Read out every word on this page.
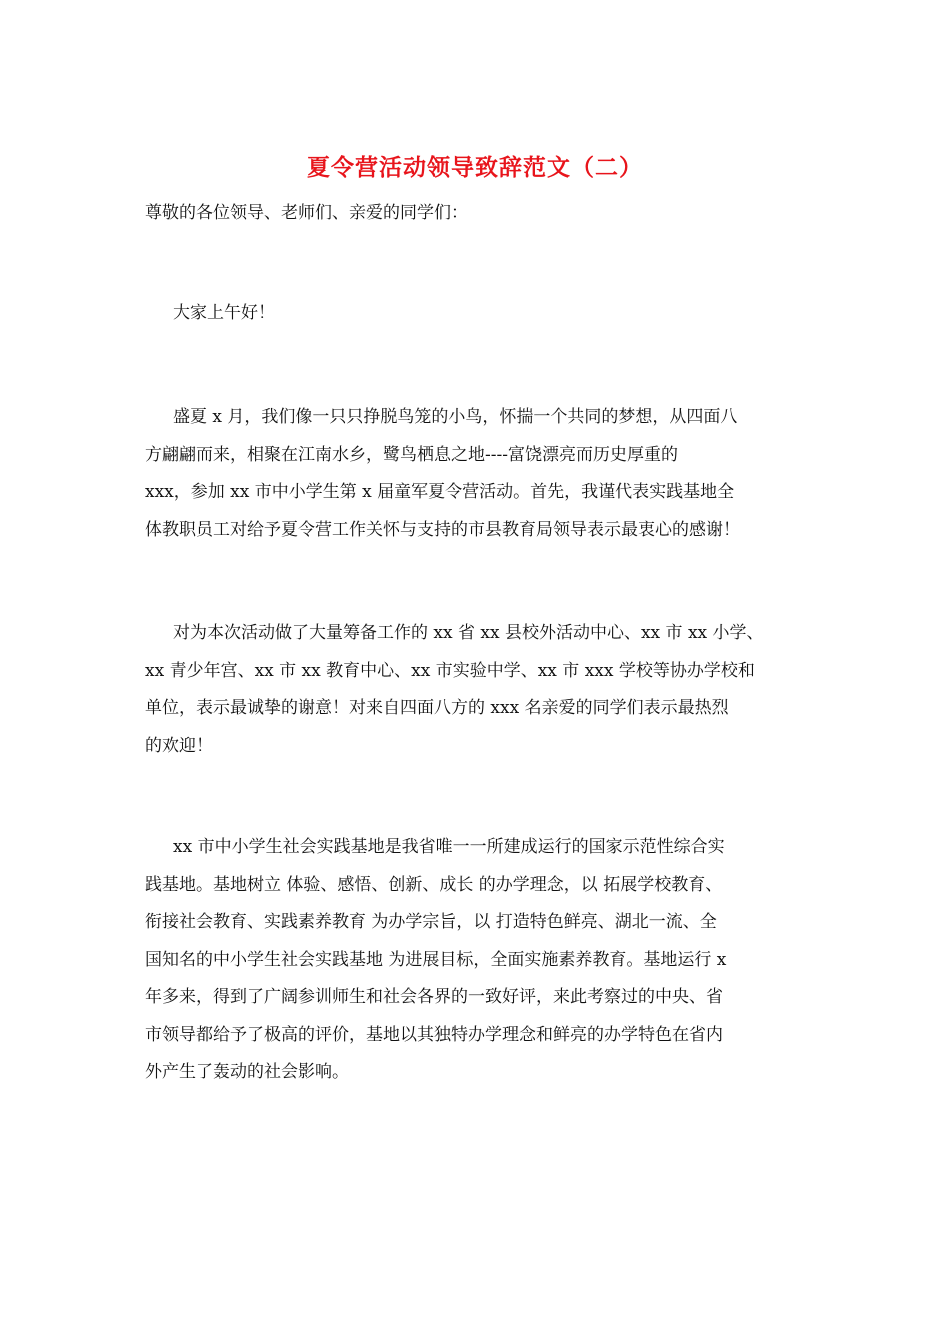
夏令营活动领导致辞范文（二）
尊敬的各位领导、老师们、亲爱的同学们：
大家上午好！
盛夏 x 月，我们像一只只挣脱鸟笼的小鸟，怀揣一个共同的梦想，从四面八
方翩翩而来，相聚在江南水乡，鹭鸟栖息之地----富饶漂亮而历史厚重的
xxx，参加 xx 市中小学生第 x 届童军夏令营活动。首先，我谨代表实践基地全
体教职员工对给予夏令营工作关怀与支持的市县教育局领导表示最衷心的感谢！
对为本次活动做了大量筹备工作的 xx 省 xx 县校外活动中心、xx 市 xx 小学、
xx 青少年宫、xx 市 xx 教育中心、xx 市实验中学、xx 市 xxx 学校等协办学校和
单位，表示最诚挚的谢意！对来自四面八方的 xxx 名亲爱的同学们表示最热烈
的欢迎！
xx 市中小学生社会实践基地是我省唯一一所建成运行的国家示范性综合实
践基地。基地树立 体验、感悟、创新、成长 的办学理念，以 拓展学校教育、
衔接社会教育、实践素养教育 为办学宗旨，以 打造特色鲜亮、湖北一流、全
国知名的中小学生社会实践基地 为进展目标，全面实施素养教育。基地运行 x
年多来，得到了广阔参训师生和社会各界的一致好评，来此考察过的中央、省
市领导都给予了极高的评价，基地以其独特办学理念和鲜亮的办学特色在省内
外产生了轰动的社会影响。
